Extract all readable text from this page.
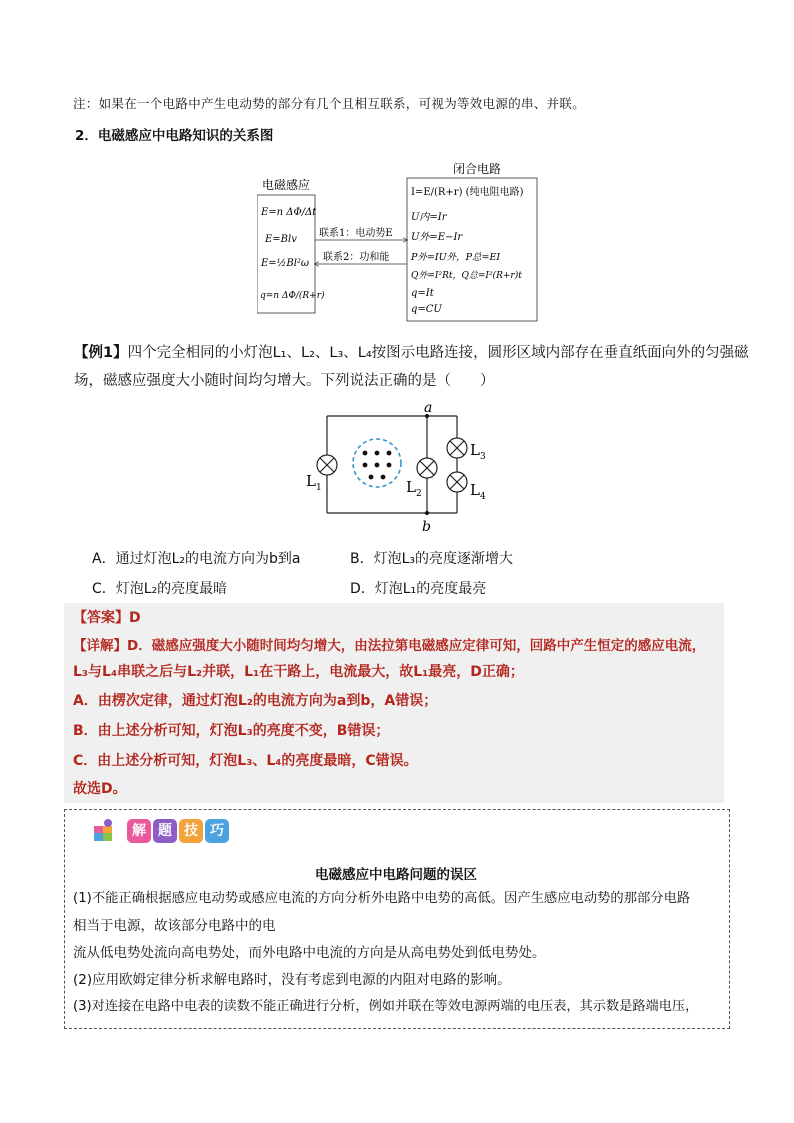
注：如果在一个电路中产生电动势的部分有几个且相互联系，可视为等效电源的串、并联。
2．电磁感应中电路知识的关系图
电磁感应
E=n ΔΦ/Δt
E=Blv
E=½Bl²ω
q=n ΔΦ/(R+r)
联系1：电动势E
联系2：功和能
闭合电路
I=E/(R+r) (纯电阻电路)
U内=Ir
U外=E−Ir
P外=IU外，P总=EI
Q外=I²Rt，Q总=I²(R+r)t
q=It
q=CU
【例1】四个完全相同的小灯泡L₁、L₂、L₃、L₄按图示电路连接，圆形区域内部存在垂直纸面向外的匀强磁
场，磁感应强度大小随时间均匀增大。下列说法正确的是（　　）
a
b
$L_1$	$L_2$
$L_3$
$L_4$
A．通过灯泡L₂的电流方向为b到a	B．灯泡L₃的亮度逐渐增大
C．灯泡L₂的亮度最暗	D．灯泡L₁的亮度最亮
【答案】D
【详解】D．磁感应强度大小随时间均匀增大，由法拉第电磁感应定律可知，回路中产生恒定的感应电流，
L₃与L₄串联之后与L₂并联，L₁在干路上，电流最大，故L₁最亮，D正确；
A．由楞次定律，通过灯泡L₂的电流方向为a到b，A错误；
B．由上述分析可知，灯泡L₃的亮度不变，B错误；
C．由上述分析可知，灯泡L₃、L₄的亮度最暗，C错误。
故选D。
解 题 技 巧
电磁感应中电路问题的误区
(1)不能正确根据感应电动势或感应电流的方向分析外电路中电势的高低。因产生感应电动势的那部分电路
相当于电源，故该部分电路中的电
流从低电势处流向高电势处，而外电路中电流的方向是从高电势处到低电势处。
(2)应用欧姆定律分析求解电路时，没有考虑到电源的内阻对电路的影响。
(3)对连接在电路中电表的读数不能正确进行分析，例如并联在等效电源两端的电压表，其示数是路端电压，
